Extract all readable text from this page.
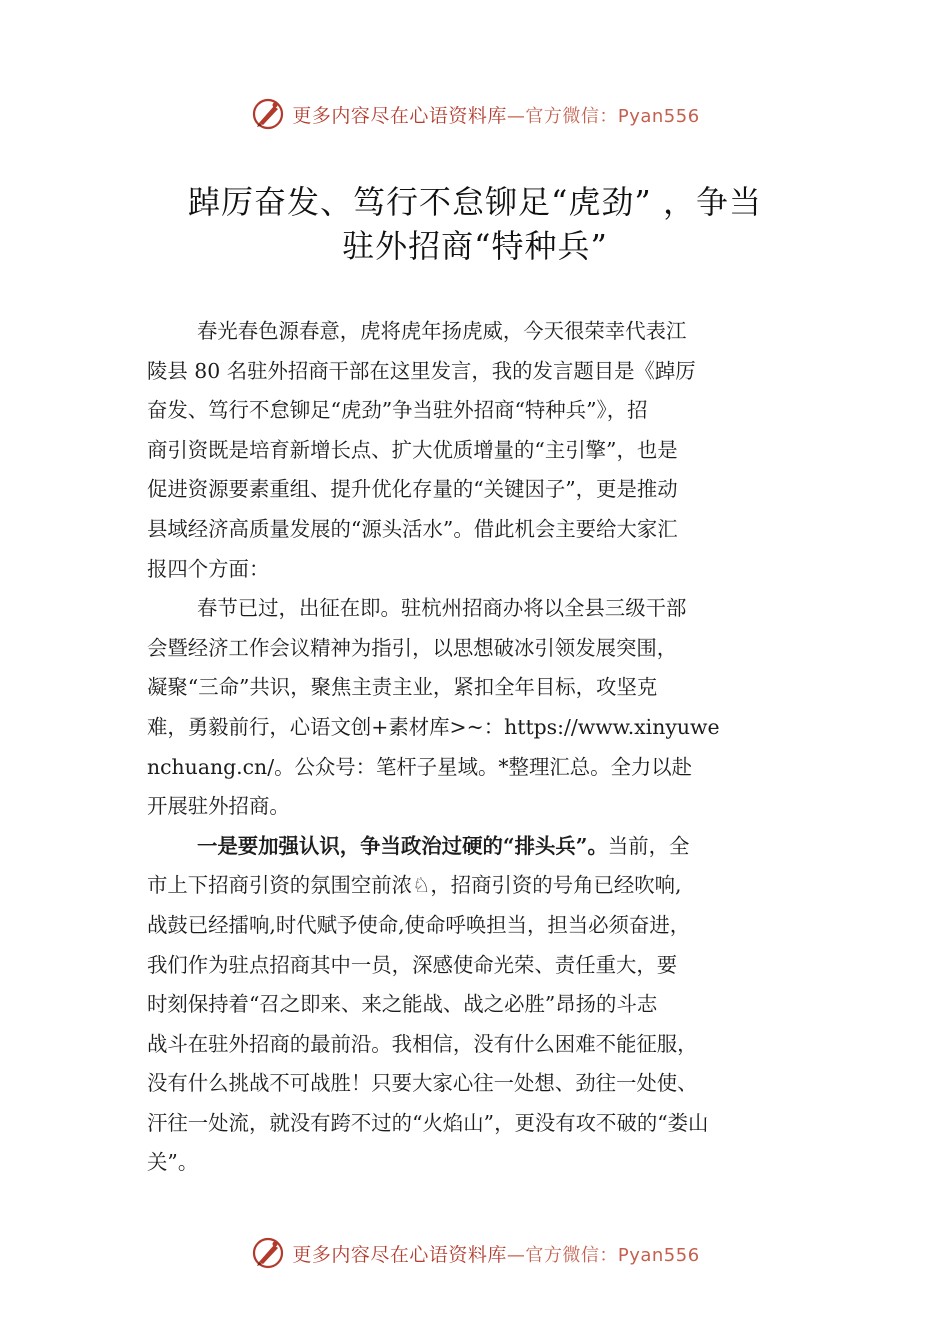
更多内容尽在心语资料库—官方微信：Pyan556
踔厉奋发、笃行不怠铆足“虎劲” ，争当
驻外招商“特种兵”
春光春色源春意，虎将虎年扬虎威，今天很荣幸代表江
陵县 80 名驻外招商干部在这里发言，我的发言题目是《踔厉
奋发、笃行不怠铆足“虎劲”争当驻外招商“特种兵”》，招
商引资既是培育新增长点、扩大优质增量的“主引擎”，也是
促进资源要素重组、提升优化存量的“关键因子”，更是推动
县域经济高质量发展的“源头活水”。借此机会主要给大家汇
报四个方面：
春节已过，出征在即。驻杭州招商办将以全县三级干部
会暨经济工作会议精神为指引，以思想破冰引领发展突围，
凝聚“三命”共识，聚焦主责主业，紧扣全年目标，攻坚克
难，勇毅前行，心语文创+素材库>~：https://www.xinyuwe
nchuang.cn/。公众号：笔杆子星域。*整理汇总。全力以赴
开展驻外招商。
一是要加强认识，争当政治过硬的“排头兵”。当前，全
市上下招商引资的氛围空前浓♘，招商引资的号角已经吹响,
战鼓已经擂响,时代赋予使命,使命呼唤担当，担当必须奋进，
我们作为驻点招商其中一员，深感使命光荣、责任重大，要
时刻保持着“召之即来、来之能战、战之必胜”昂扬的斗志
战斗在驻外招商的最前沿。我相信，没有什么困难不能征服，
没有什么挑战不可战胜！只要大家心往一处想、劲往一处使、
汗往一处流，就没有跨不过的“火焰山”，更没有攻不破的“娄山
关”。
更多内容尽在心语资料库—官方微信：Pyan556
